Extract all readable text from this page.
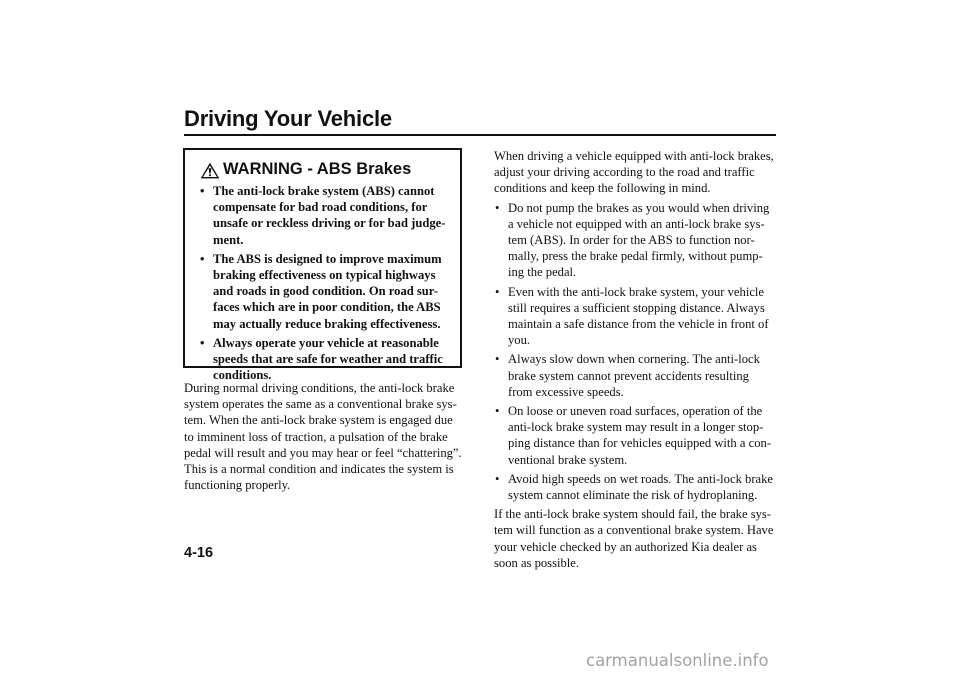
Driving Your Vehicle
WARNING - ABS Brakes
• The anti-lock brake system (ABS) cannot
compensate for bad road conditions, for
unsafe or reckless driving or for bad judge-
ment.
• The ABS is designed to improve maximum
braking effectiveness on typical highways
and roads in good condition. On road sur-
faces which are in poor condition, the ABS
may actually reduce braking effectiveness.
• Always operate your vehicle at reasonable
speeds that are safe for weather and traffic
conditions.

During normal driving conditions, the anti-lock brake
system operates the same as a conventional brake sys-
tem. When the anti-lock brake system is engaged due
to imminent loss of traction, a pulsation of the brake
pedal will result and you may hear or feel “chattering”.
This is a normal condition and indicates the system is
functioning properly.

When driving a vehicle equipped with anti-lock brakes,
adjust your driving according to the road and traffic
conditions and keep the following in mind.

• Do not pump the brakes as you would when driving
a vehicle not equipped with an anti-lock brake sys-
tem (ABS). In order for the ABS to function nor-
mally, press the brake pedal firmly, without pump-
ing the pedal.
• Even with the anti-lock brake system, your vehicle
still requires a sufficient stopping distance. Always
maintain a safe distance from the vehicle in front of
you.
• Always slow down when cornering. The anti-lock
brake system cannot prevent accidents resulting
from excessive speeds.
• On loose or uneven road surfaces, operation of the
anti-lock brake system may result in a longer stop-
ping distance than for vehicles equipped with a con-
ventional brake system.
• Avoid high speeds on wet roads. The anti-lock brake
system cannot eliminate the risk of hydroplaning.

If the anti-lock brake system should fail, the brake sys-
tem will function as a conventional brake system. Have
your vehicle checked by an authorized Kia dealer as
soon as possible.

4-16

carmanualsonline.info
